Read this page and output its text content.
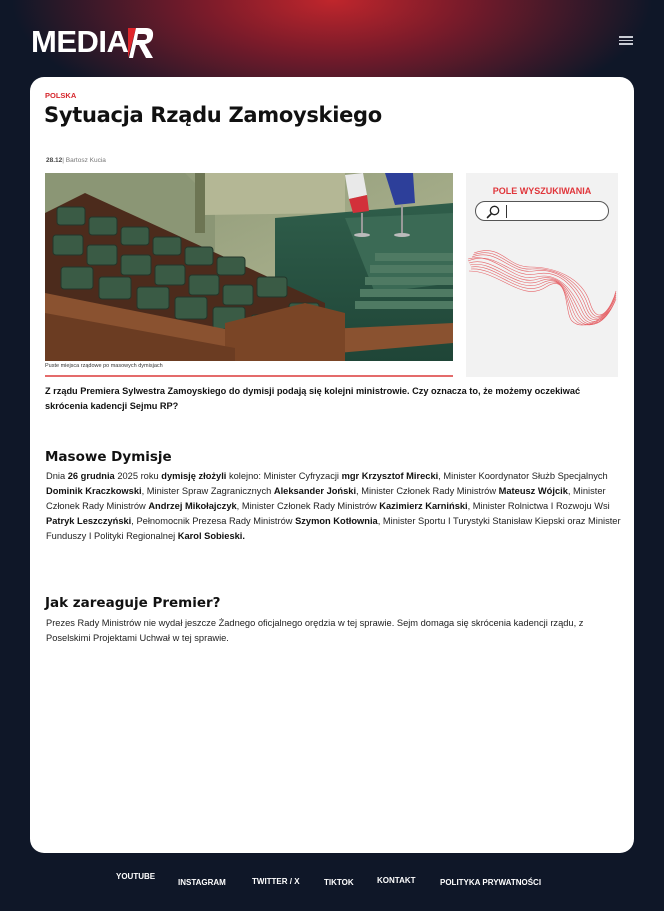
MEDIA
POLSKA
Sytuacja Rządu Zamoyskiego
28.12| Bartosz Kucia
Puste miejsca rządowe po masowych dymisjach
POLE WYSZUKIWANIA

Z rządu Premiera Sylwestra Zamoyskiego do dymisji podają się kolejni ministrowie. Czy oznacza to, że możemy oczekiwać skrócenia kadencji Sejmu RP?

Masowe Dymisje

Dnia 26 grudnia 2025 roku dymisję złożyli kolejno: Minister Cyfryzacji mgr Krzysztof Mirecki, Minister Koordynator Służb Specjalnych Dominik Kraczkowski, Minister Spraw Zagranicznych Aleksander Joński, Minister Członek Rady Ministrów Mateusz Wójcik, Minister Członek Rady Ministrów Andrzej Mikołajczyk, Minister Członek Rady Ministrów Kazimierz Karniński, Minister Rolnictwa I Rozwoju Wsi Patryk Leszczyński, Pełnomocnik Prezesa Rady Ministrów Szymon Kotłownia, Minister Sportu I Turystyki Stanisław Kiepski oraz Minister Funduszy I Polityki Regionalnej Karol Sobieski.

Jak zareaguje Premier?

Prezes Rady Ministrów nie wydał jeszcze Żadnego oficjalnego orędzia w tej sprawie. Sejm domaga się skrócenia kadencji rządu, z Poselskimi Projektami Uchwał w tej sprawie.

YOUTUBE
INSTAGRAM	TWITTER / X	TIKTOK	KONTAKT	POLITYKA PRYWATNOŚCI
